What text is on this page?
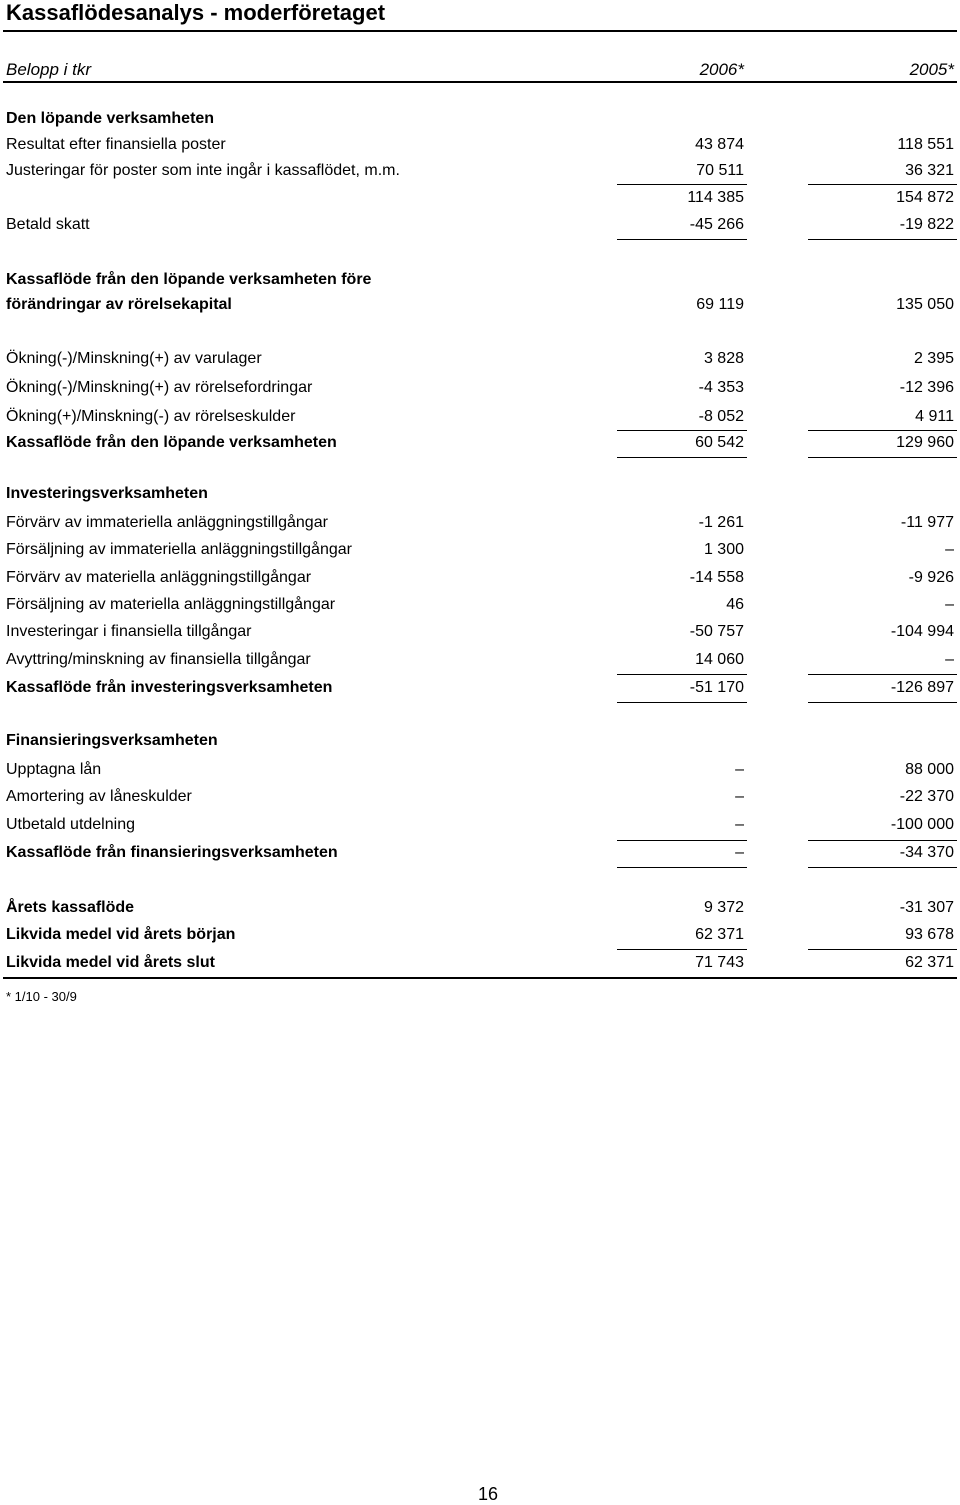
Kassaflödesanalys - moderföretaget
Belopp i tkr	2006*	2005*
Den löpande verksamheten
Resultat efter finansiella poster	43 874	118 551
Justeringar för poster som inte ingår i kassaflödet, m.m.	70 511	36 321
114 385	154 872
Betald skatt	-45 266	-19 822
Kassaflöde från den löpande verksamheten före
förändringar av rörelsekapital	69 119	135 050
Ökning(-)/Minskning(+) av varulager	3 828	2 395
Ökning(-)/Minskning(+) av rörelsefordringar	-4 353	-12 396
Ökning(+)/Minskning(-) av rörelseskulder	-8 052	4 911
Kassaflöde från den löpande verksamheten	60 542	129 960
Investeringsverksamheten
Förvärv av immateriella anläggningstillgångar	-1 261	-11 977
Försäljning av immateriella anläggningstillgångar	1 300	–
Förvärv av materiella anläggningstillgångar	-14 558	-9 926
Försäljning av materiella anläggningstillgångar	46	–
Investeringar i finansiella tillgångar	-50 757	-104 994
Avyttring/minskning av finansiella tillgångar	14 060	–
Kassaflöde från investeringsverksamheten	-51 170	-126 897
Finansieringsverksamheten
Upptagna lån	–	88 000
Amortering av låneskulder	–	-22 370
Utbetald utdelning	–	-100 000
Kassaflöde från finansieringsverksamheten	–	-34 370
Årets kassaflöde	9 372	-31 307
Likvida medel vid årets början	62 371	93 678
Likvida medel vid årets slut	71 743	62 371
* 1/10 - 30/9
16
